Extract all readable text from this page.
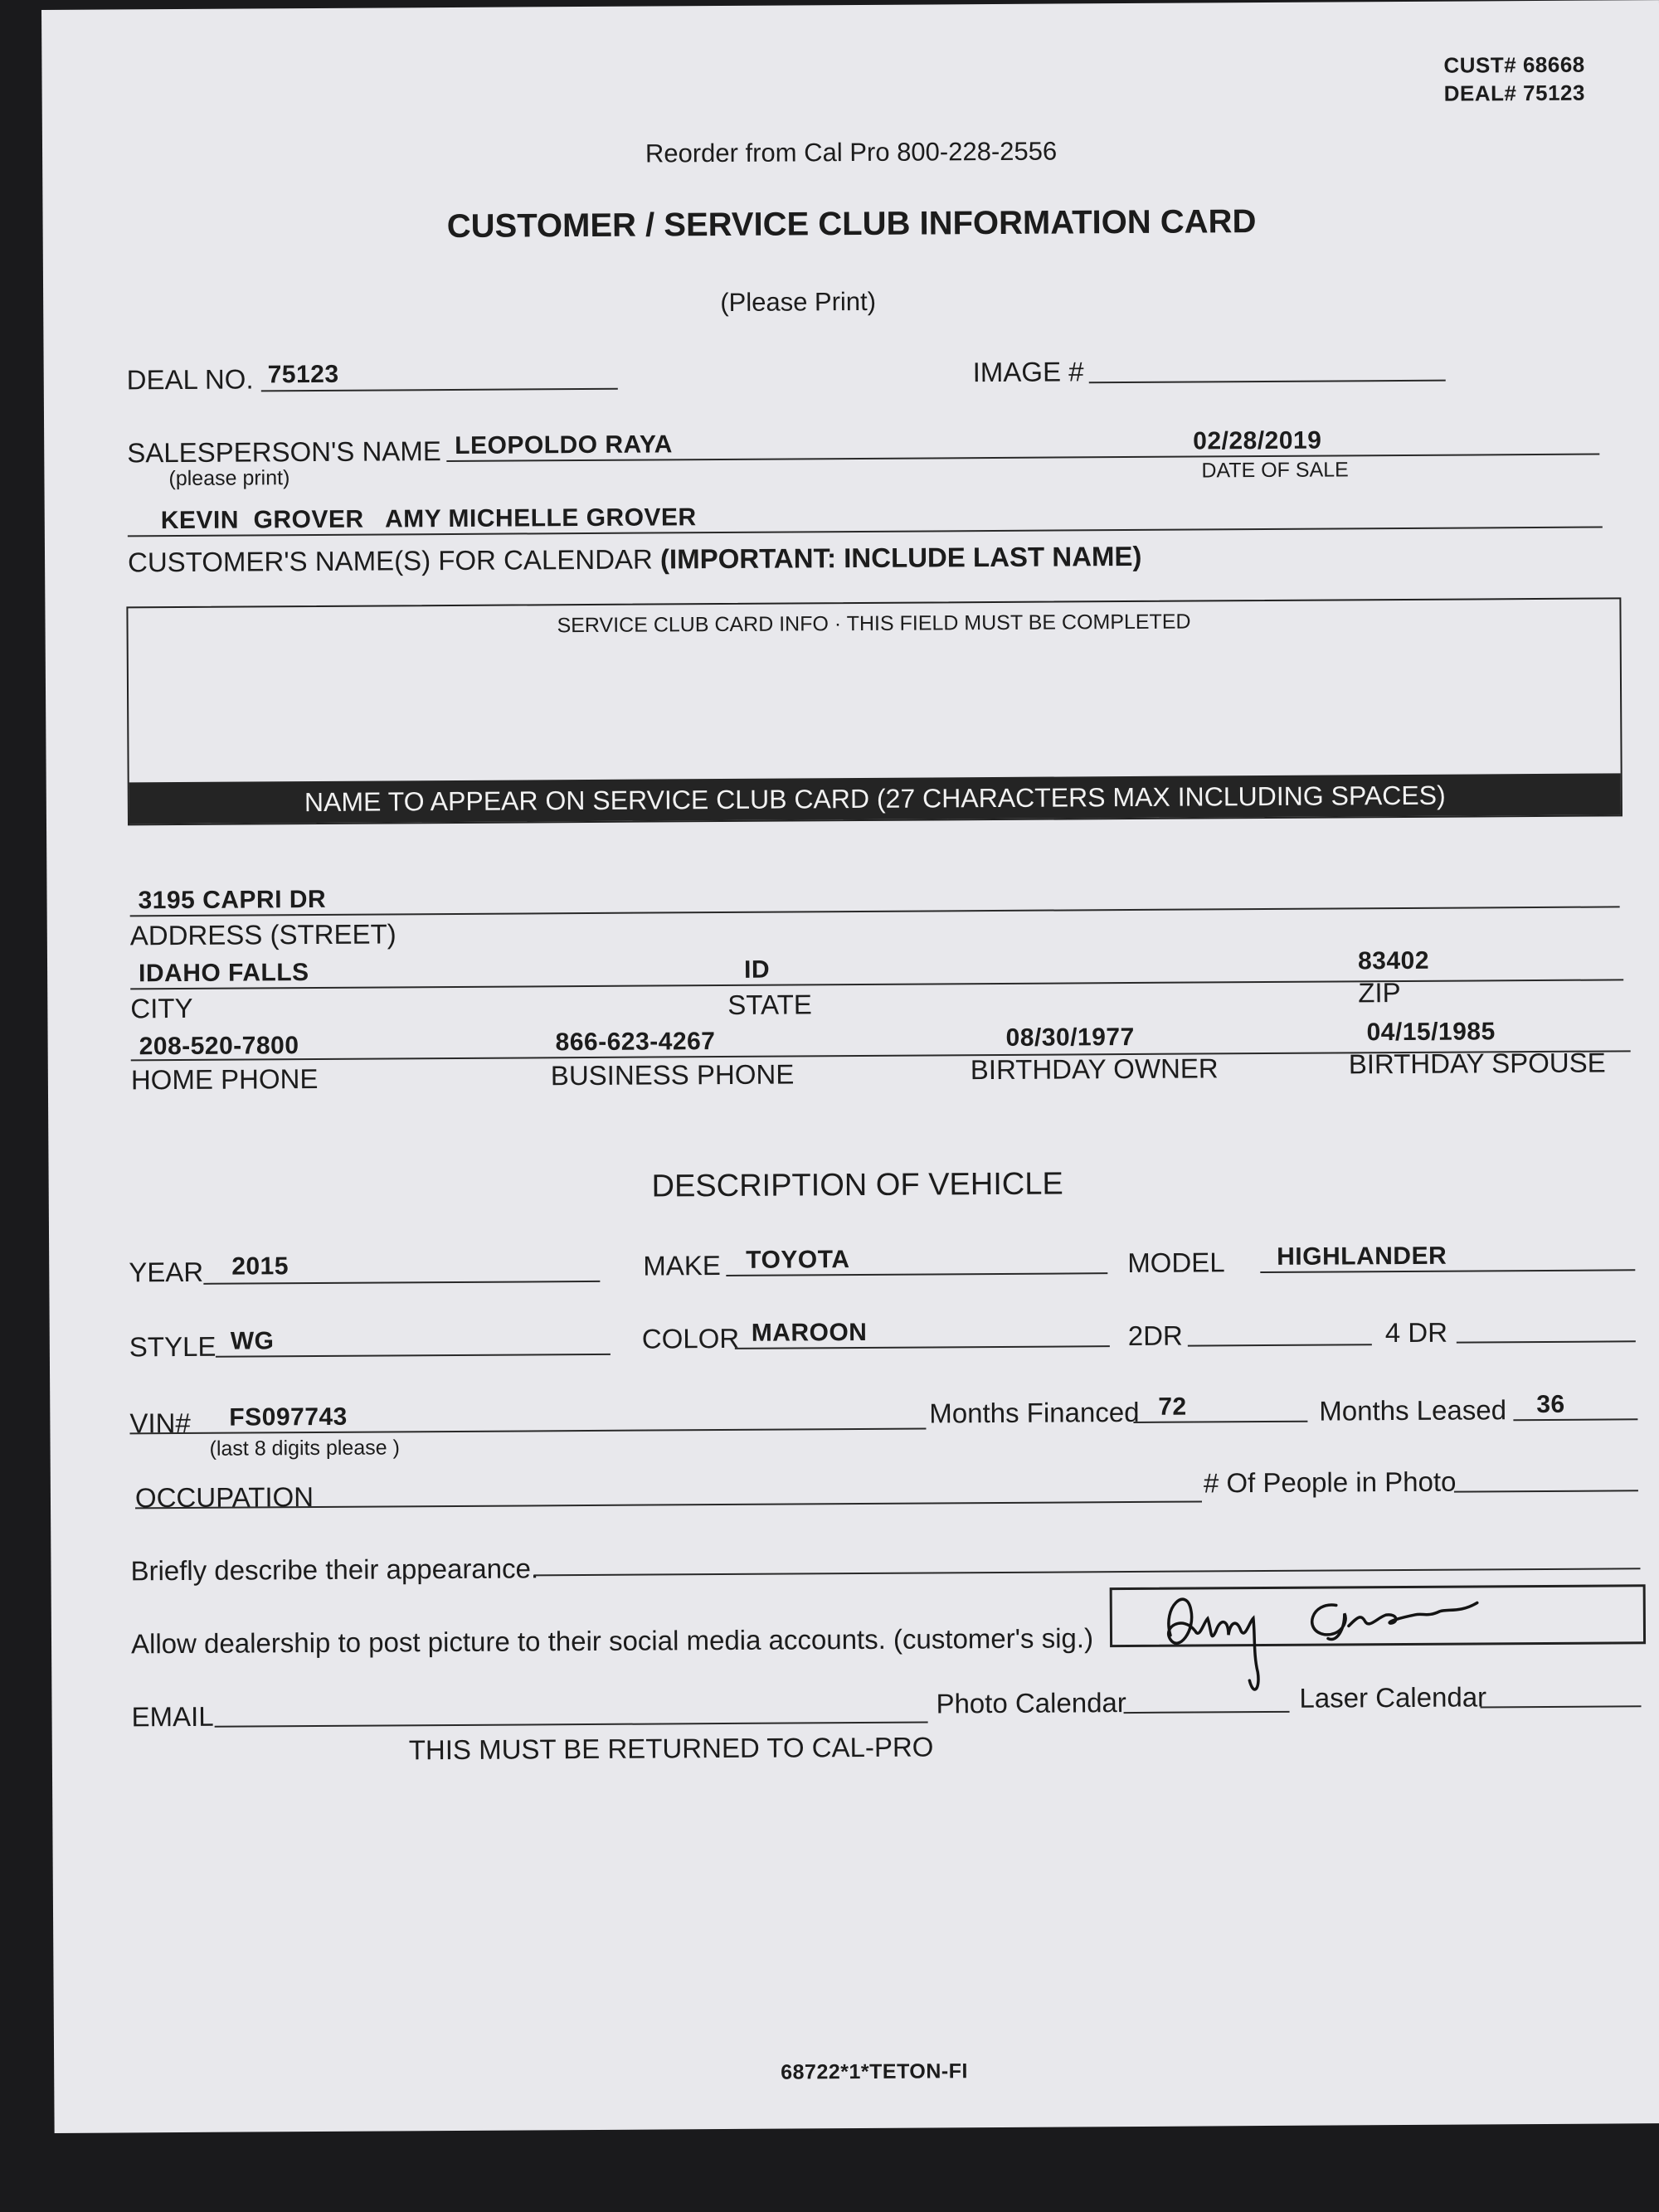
CUST# 68668
DEAL# 75123
Reorder from Cal Pro 800-228-2556
CUSTOMER / SERVICE CLUB INFORMATION CARD
(Please Print)
DEAL NO. 75123	IMAGE #
SALESPERSON'S NAME
(please print)
LEOPOLDO RAYA	02/28/2019
DATE OF SALE
KEVIN  GROVER   AMY MICHELLE GROVER
CUSTOMER'S NAME(S) FOR CALENDAR (IMPORTANT: INCLUDE LAST NAME)
SERVICE CLUB CARD INFO · THIS FIELD MUST BE COMPLETED
NAME TO APPEAR ON SERVICE CLUB CARD (27 CHARACTERS MAX INCLUDING SPACES)
3195 CAPRI DR
ADDRESS (STREET)
IDAHO FALLS	ID	83402
CITY	STATE	ZIP
208-520-7800	866-623-4267	08/30/1977	04/15/1985
HOME PHONE	BUSINESS PHONE	BIRTHDAY OWNER	BIRTHDAY SPOUSE
DESCRIPTION OF VEHICLE
YEAR 2015	MAKE TOYOTA	MODEL HIGHLANDER
STYLE WG	COLOR MAROON	2DR	4 DR
VIN# FS097743
(last 8 digits please )
Months Financed 72	Months Leased 36
OCCUPATION	# Of People in Photo
Briefly describe their appearance.
Allow dealership to post picture to their social media accounts. (customer's sig.)
EMAIL	Photo Calendar	Laser Calendar
THIS MUST BE RETURNED TO CAL-PRO
68722*1*TETON-FI
